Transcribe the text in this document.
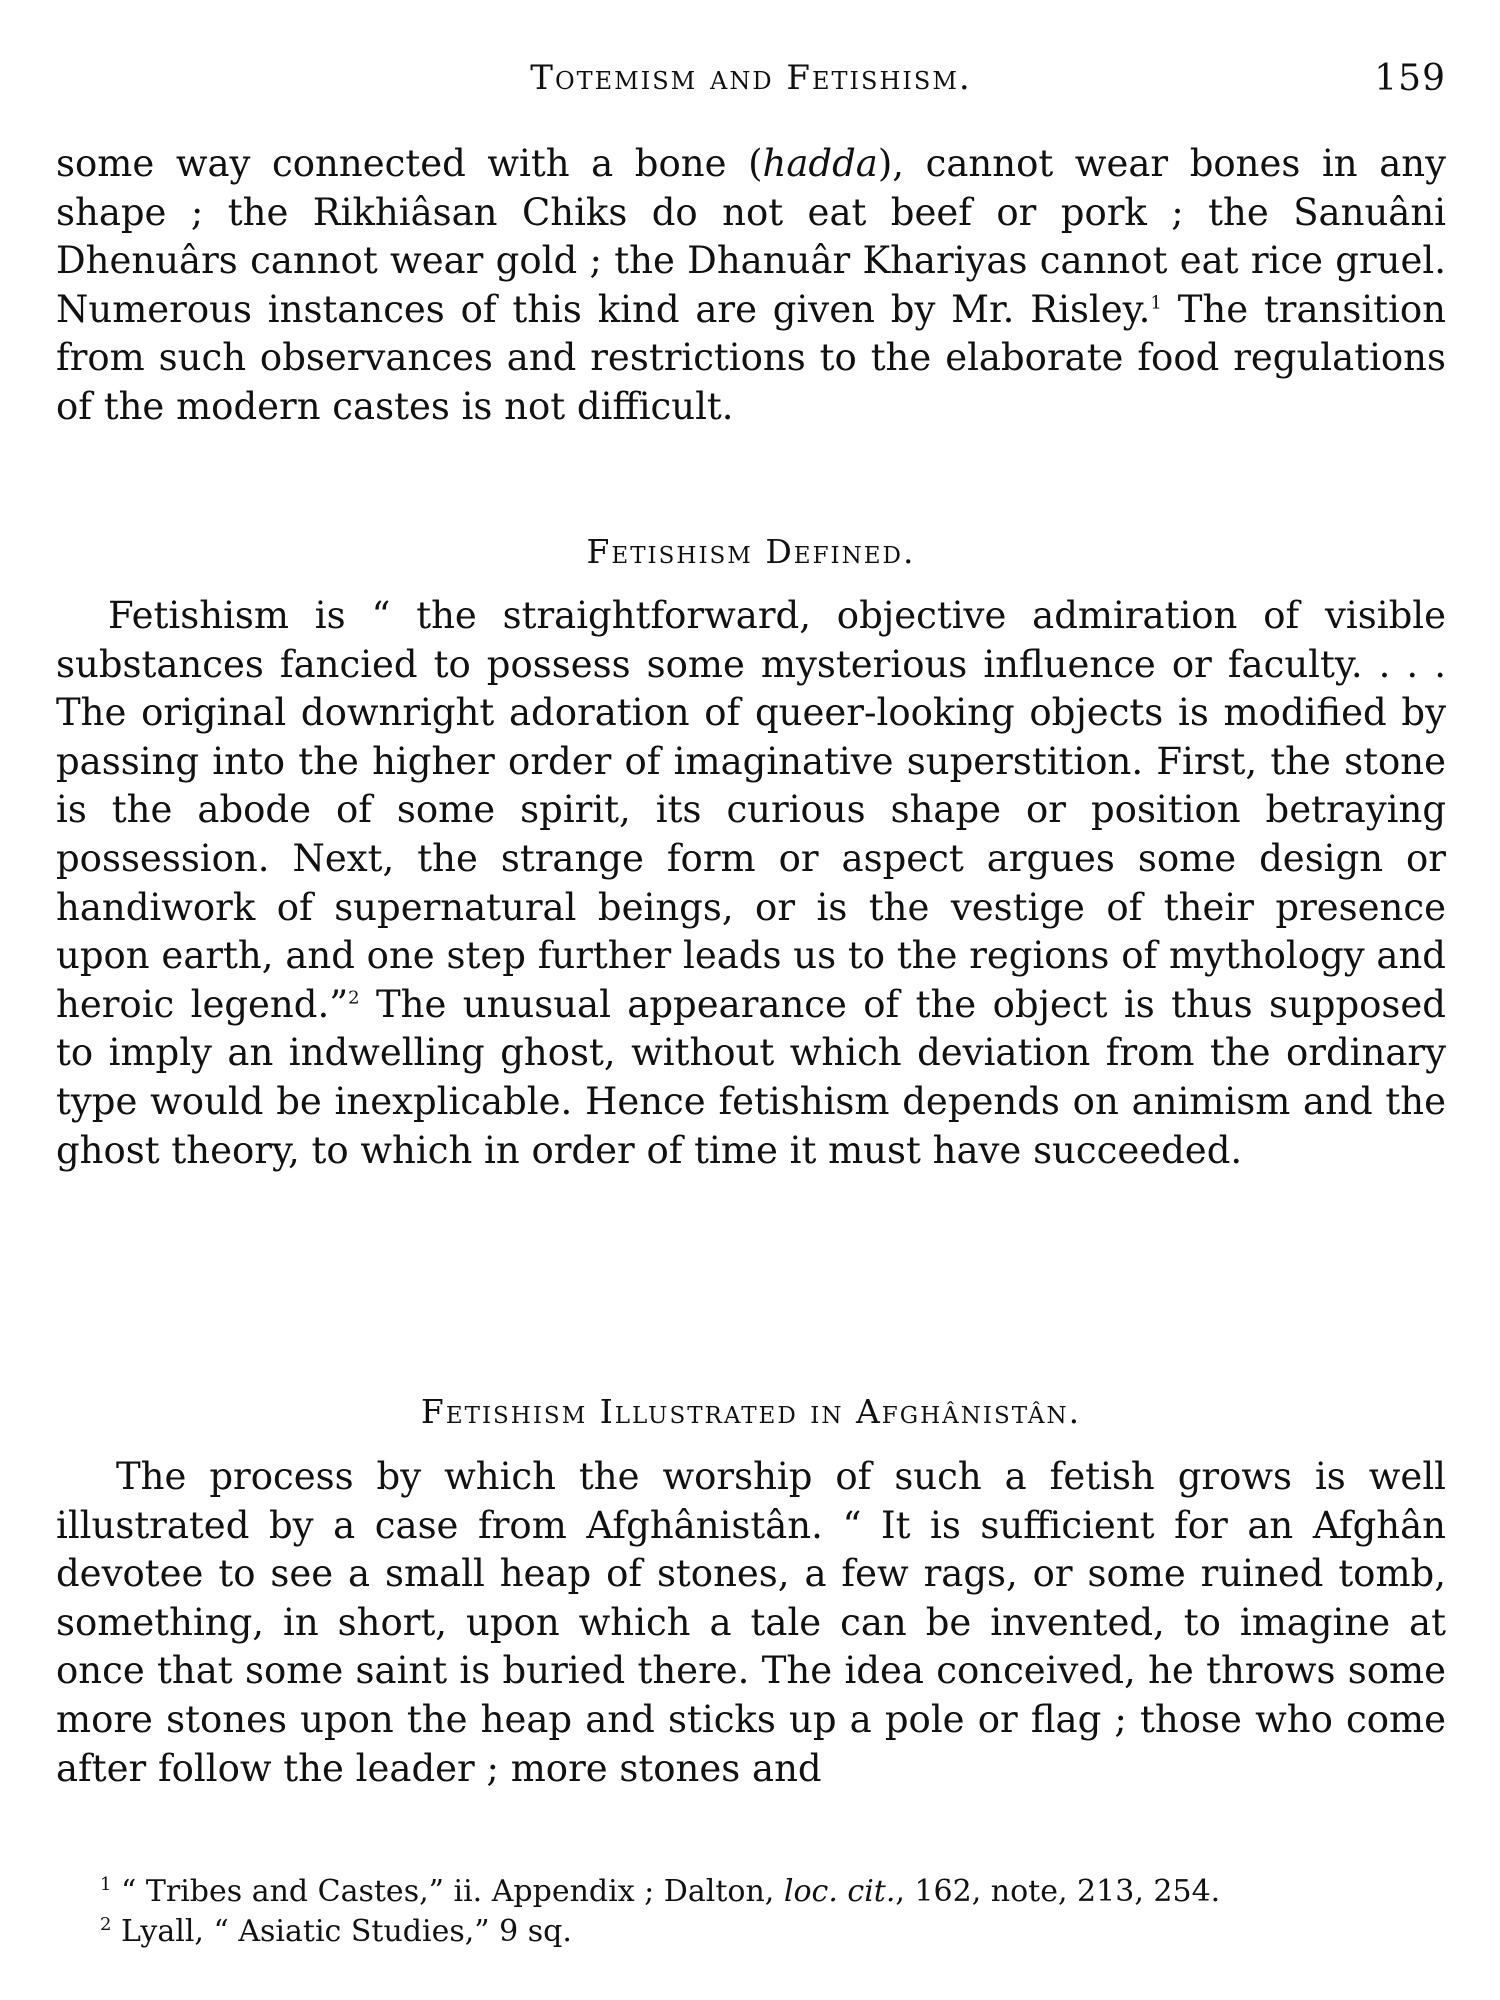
Totemism and Fetishism.	159

some way connected with a bone (hadda), cannot wear bones in any shape ; the Rikhiâsan Chiks do not eat beef or pork ; the Sanuâni Dhenuârs cannot wear gold ; the Dhanuâr Khariyas cannot eat rice gruel. Numerous instances of this kind are given by Mr. Risley.$^1$ The transition from such observances and restrictions to the elaborate food regulations of the modern castes is not difficult.

Fetishism Defined.

Fetishism is “ the straightforward, objective admiration of visible substances fancied to possess some mysterious influence or faculty. . . . The original downright adoration of queer-looking objects is modified by passing into the higher order of imaginative superstition. First, the stone is the abode of some spirit, its curious shape or position betraying possession. Next, the strange form or aspect argues some design or handiwork of supernatural beings, or is the vestige of their presence upon earth, and one step further leads us to the regions of mythology and heroic legend.”$^2$ The unusual appearance of the object is thus supposed to imply an indwelling ghost, without which deviation from the ordinary type would be inexplicable. Hence fetishism depends on animism and the ghost theory, to which in order of time it must have succeeded.

Fetishism Illustrated in Afghânistân.

The process by which the worship of such a fetish grows is well illustrated by a case from Afghânistân. “ It is sufficient for an Afghân devotee to see a small heap of stones, a few rags, or some ruined tomb, something, in short, upon which a tale can be invented, to imagine at once that some saint is buried there. The idea conceived, he throws some more stones upon the heap and sticks up a pole or flag ; those who come after follow the leader ; more stones and

$^1$ “ Tribes and Castes,” ii. Appendix ; Dalton, loc. cit., 162, note, 213, 254.

$^2$ Lyall, “ Asiatic Studies,” 9 sq.
